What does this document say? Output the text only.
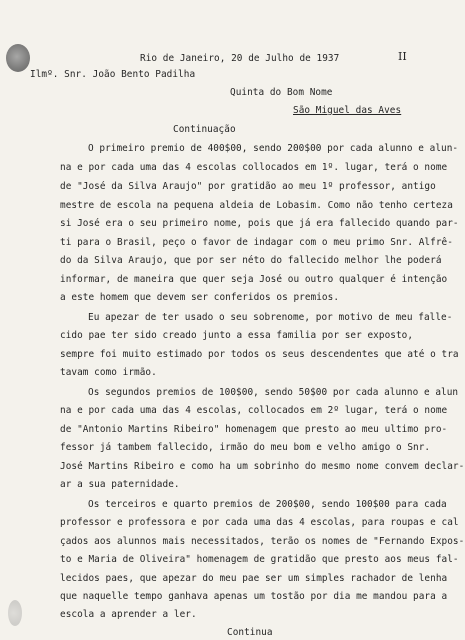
II
Rio de Janeiro, 20 de Julho de 1937
Ilmº. Snr. João Bento Padilha
Quinta do Bom Nome
São Miguel das Aves
Continuação
O primeiro premio de 400$00, sendo 200$00 por cada alunno e alun-
na e por cada uma das 4 escolas collocados em 1º. lugar, terá o nome
de "José da Silva Araujo" por gratidão ao meu 1º professor, antigo
mestre de escola na pequena aldeia de Lobasim. Como não tenho certeza
si José era o seu primeiro nome, pois que já era fallecido quando par-
ti para o Brasil, peço o favor de indagar com o meu primo Snr. Alfrê-
do da Silva Araujo, que por ser néto do fallecido melhor lhe poderá
informar, de maneira que quer seja José ou outro qualquer é intenção
a este homem que devem ser conferidos os premios.
Eu apezar de ter usado o seu sobrenome, por motivo de meu falle-
cido pae ter sido creado junto a essa familia por ser exposto,
sempre foi muito estimado por todos os seus descendentes que até o tra
tavam como irmão.
Os segundos premios de 100$00, sendo 50$00 por cada alunno e alun
na e por cada uma das 4 escolas, collocados em 2º lugar, terá o nome
de "Antonio Martins Ribeiro" homenagem que presto ao meu ultimo pro-
fessor já tambem fallecido, irmão do meu bom e velho amigo o Snr.
José Martins Ribeiro e como ha um sobrinho do mesmo nome convem declar-
ar a sua paternidade.
Os terceiros e quarto premios de 200$00, sendo 100$00 para cada
professor e professora e por cada uma das 4 escolas, para roupas e cal
çados aos alunnos mais necessitados, terão os nomes de "Fernando Expos-
to e Maria de Oliveira" homenagem de gratidão que presto aos meus fal-
lecidos paes, que apezar do meu pae ser um simples rachador de lenha
que naquelle tempo ganhava apenas um tostão por dia me mandou para a
escola a aprender a ler.
Continua
